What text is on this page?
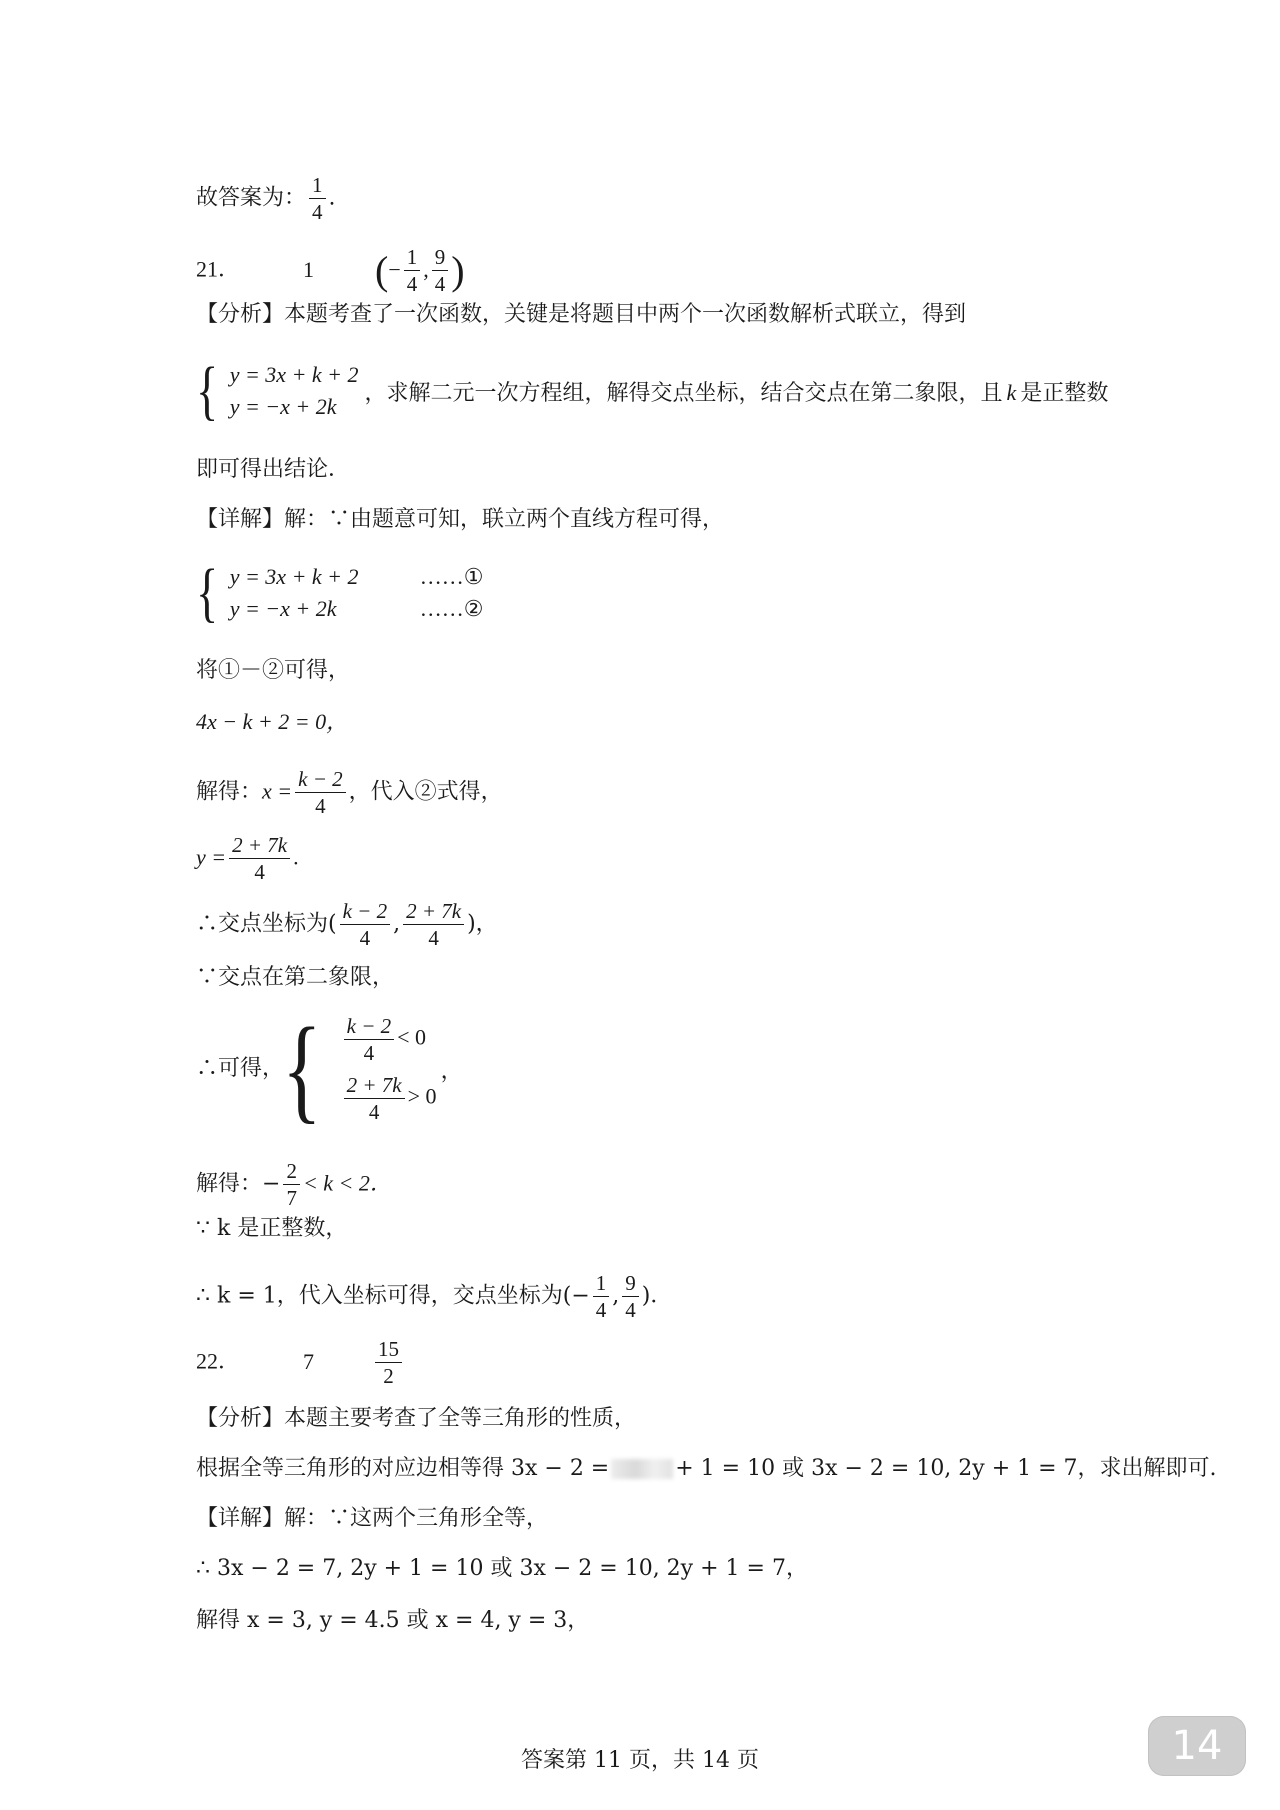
故答案为： $\frac{1}{4}$ .
21．	1 (− $\frac{1}{4}$ , $\frac{9}{4}$ )
【分析】本题考查了一次函数，关键是将题目中两个一次函数解析式联立，得到
{ y = 3x + k + 2
y = −x + 2k
，求解二元一次方程组，解得交点坐标，结合交点在第二象限，且 k 是正整数
即可得出结论．
【详解】解：∵由题意可知，联立两个直线方程可得，
{ y = 3x + k + 2	……①
y = −x + 2k	……②
将①－②可得，
4x − k + 2 = 0，
解得：$x = \frac{k - 2}{4}$ ，代入②式得，
$y = \frac{2 + 7k}{4}$ .
∴交点坐标为( $\frac{k - 2}{4}$ , $\frac{2 + 7k}{4}$ )，
∵交点在第二象限，
∴可得，
{ $\frac{k - 2}{4} < 0$
$\frac{2 + 7k}{4} > 0$
，
解得：− $\frac{2}{7} < k < 2$．
∵ k 是正整数，
∴ k = 1，代入坐标可得，交点坐标为(− $\frac{1}{4}$ , $\frac{9}{4}$ )．
22．	7	$\frac{15}{2}$
【分析】本题主要考查了全等三角形的性质，
根据全等三角形的对应边相等得 3x − 2 =	+ 1 = 10 或 3x − 2 = 10, 2y + 1 = 7，求出解即可.
【详解】解：∵这两个三角形全等，
∴ 3x − 2 = 7, 2y + 1 = 10 或 3x − 2 = 10, 2y + 1 = 7，
解得 x = 3, y = 4.5 或 x = 4, y = 3，
答案第 11 页，共 14 页	14
